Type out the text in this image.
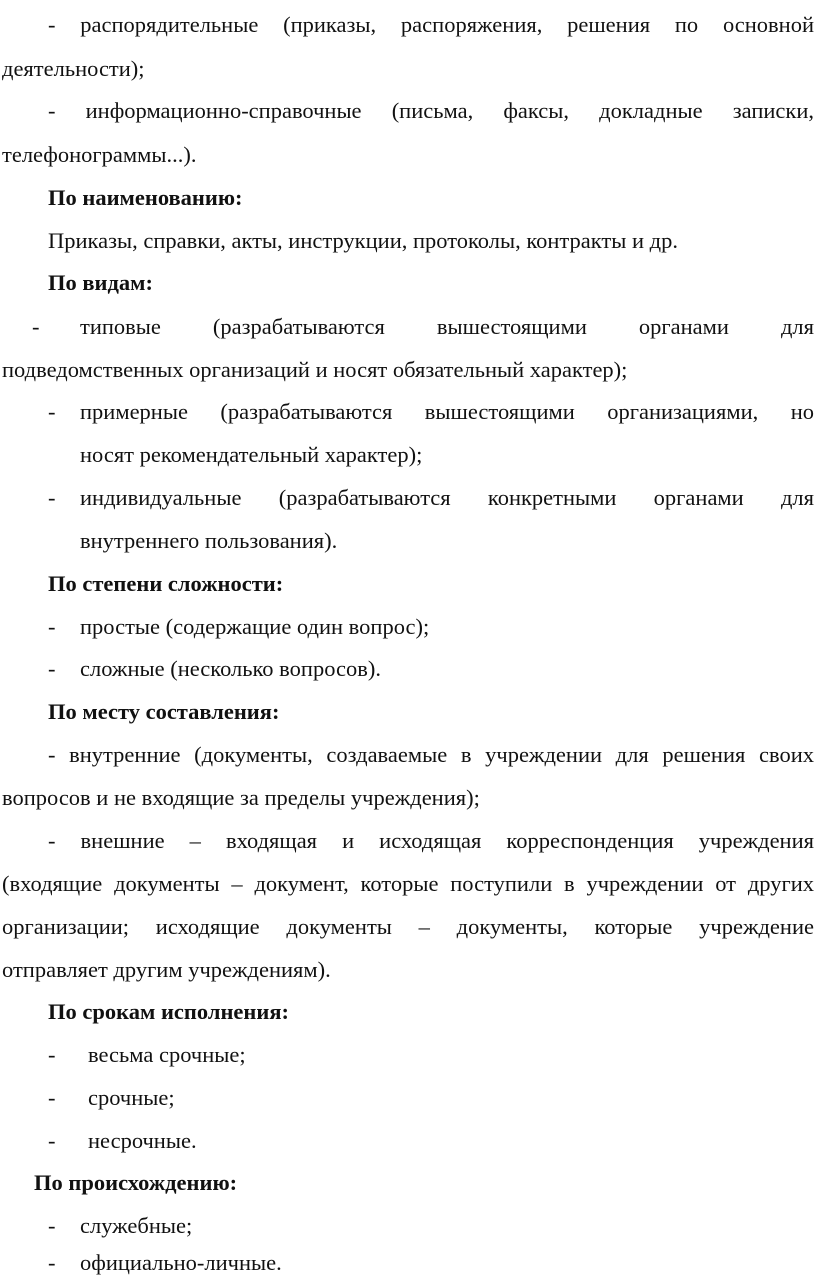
- распорядительные (приказы, распоряжения, решения по основной
деятельности);
- информационно-справочные (письма, факсы, докладные записки,
телефонограммы...).
По наименованию:
Приказы, справки, акты, инструкции, протоколы, контракты и др.
По видам:
- типовые (разрабатываются вышестоящими органами для
подведомственных организаций и носят обязательный характер);
- примерные (разрабатываются вышестоящими организациями, но
носят рекомендательный характер);
- индивидуальные (разрабатываются конкретными органами для
внутреннего пользования).
По степени сложности:
- простые (содержащие один вопрос);
- сложные (несколько вопросов).
По месту составления:
- внутренние (документы, создаваемые в учреждении для решения своих
вопросов и не входящие за пределы учреждения);
- внешние – входящая и исходящая корреспонденция учреждения
(входящие документы – документ, которые поступили в учреждении от других
организации; исходящие документы – документы, которые учреждение
отправляет другим учреждениям).
По срокам исполнения:
- весьма срочные;
- срочные;
- несрочные.
По происхождению:
- служебные;
- официально-личные.
